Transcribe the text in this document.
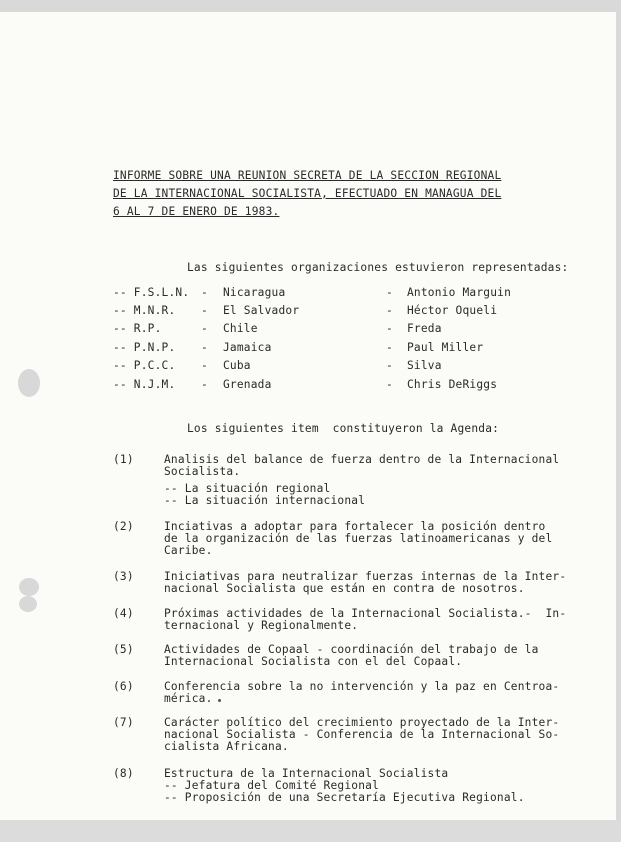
INFORME SOBRE UNA REUNION SECRETA DE LA SECCION REGIONAL
DE LA INTERNACIONAL SOCIALISTA, EFECTUADO EN MANAGUA DEL
6 AL 7 DE ENERO DE 1983.
Las siguientes organizaciones estuvieron representadas:
-- F.S.L.N. - Nicaragua	- Antonio Marguin
-- M.N.R. - El Salvador	- Héctor Oqueli
-- R.P.	- Chile	- Freda
-- P.N.P. - Jamaica	- Paul Miller
-- P.C.C. - Cuba	- Silva
-- N.J.M. - Grenada	- Chris DeRiggs
Los siguientes item  constituyeron la Agenda:
(1)	Analisis del balance de fuerza dentro de la Internacional
Socialista.
-- La situación regional
-- La situación internacional
(2)	Inciativas a adoptar para fortalecer la posición dentro
de la organización de las fuerzas latinoamericanas y del
Caribe.
(3)	Iniciativas para neutralizar fuerzas internas de la Inter-
nacional Socialista que están en contra de nosotros.
(4)	Próximas actividades de la Internacional Socialista.-  In-
ternacional y Regionalmente.
(5)	Actividades de Copaal - coordinación del trabajo de la
Internacional Socialista con el del Copaal.
(6)	Conferencia sobre la no intervención y la paz en Centroa-
mérica.
(7)	Carácter político del crecimiento proyectado de la Inter-
nacional Socialista - Conferencia de la Internacional So-
cialista Africana.
(8)	Estructura de la Internacional Socialista
-- Jefatura del Comité Regional
-- Proposición de una Secretaría Ejecutiva Regional.
